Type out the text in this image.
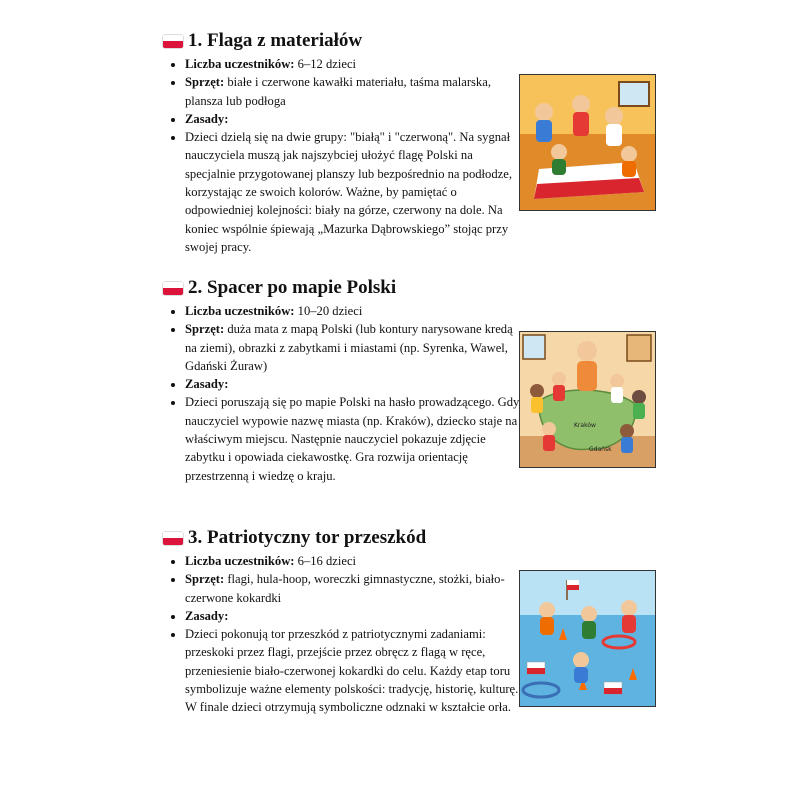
1. Flaga z materiałów
• Liczba uczestników: 6–12 dzieci
• Sprzęt: białe i czerwone kawałki materiału, taśma malarska, plansza lub podłoga
• Zasady:
• Dzieci dzielą się na dwie grupy: "białą" i "czerwoną". Na sygnał nauczyciela muszą jak najszybciej ułożyć flagę Polski na specjalnie przygotowanej planszy lub bezpośrednio na podłodze, korzystając ze swoich kolorów. Ważne, by pamiętać o odpowiedniej kolejności: biały na górze, czerwony na dole. Na koniec wspólnie śpiewają „Mazurka Dąbrowskiego” stojąc przy swojej pracy.
2. Spacer po mapie Polski
• Liczba uczestników: 10–20 dzieci
• Sprzęt: duża mata z mapą Polski (lub kontury narysowane kredą na ziemi), obrazki z zabytkami i miastami (np. Syrenka, Wawel, Gdański Żuraw)
• Zasady:
• Dzieci poruszają się po mapie Polski na hasło prowadzącego. Gdy nauczyciel wypowie nazwę miasta (np. Kraków), dziecko staje na właściwym miejscu. Następnie nauczyciel pokazuje zdjęcie zabytku i opowiada ciekawostkę. Gra rozwija orientację przestrzenną i wiedzę o kraju.
Kraków
Gdańsk
3. Patriotyczny tor przeszkód
• Liczba uczestników: 6–16 dzieci
• Sprzęt: flagi, hula-hoop, woreczki gimnastyczne, stożki, biało-czerwone kokardki
• Zasady:
• Dzieci pokonują tor przeszkód z patriotycznymi zadaniami: przeskoki przez flagi, przejście przez obręcz z flagą w ręce, przeniesienie biało-czerwonej kokardki do celu. Każdy etap toru symbolizuje ważne elementy polskości: tradycję, historię, kulturę. W finale dzieci otrzymują symboliczne odznaki w kształcie orła.
